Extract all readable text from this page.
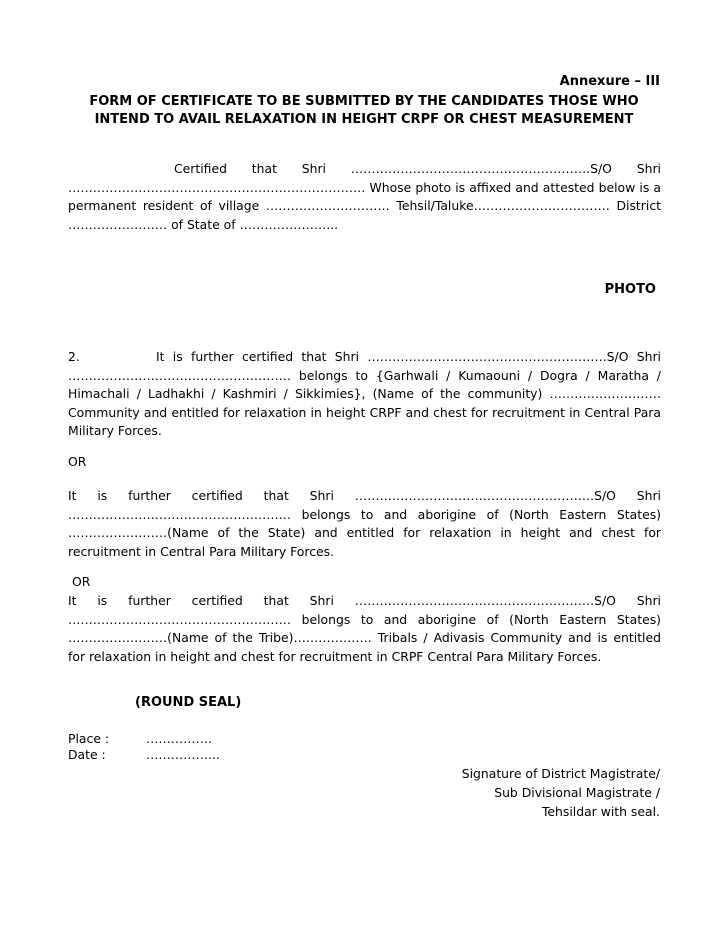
Annexure – III
FORM OF CERTIFICATE TO BE SUBMITTED BY THE CANDIDATES THOSE WHO INTEND TO AVAIL RELAXATION IN HEIGHT CRPF OR CHEST MEASUREMENT
Certified that Shri ………………………………………………….S/O Shri ……………………………………………………………… Whose photo is affixed and attested below is a permanent resident of village ………………………… Tehsil/Taluke…………………………… District …………………… of State of …………………...
PHOTO
2.	It is further certified that Shri ………………………………………………….S/O Shri ……………………………………………… belongs to {Garhwali / Kumaouni / Dogra / Maratha / Himachali / Ladhakhi / Kashmiri / Sikkimies}, (Name of the community) ……………………… Community and entitled for relaxation in height CRPF and chest for recruitment in Central Para Military Forces.
OR
It is further certified that Shri ………………………………………………….S/O Shri ……………………………………………… belongs to and aborigine of (North Eastern States) ……………………(Name of the State) and entitled for relaxation in height and chest for recruitment in Central Para Military Forces.
OR
It is further certified that Shri ………………………………………………….S/O Shri ……………………………………………… belongs to and aborigine of (North Eastern States) ……………………(Name of the Tribe)………………. Tribals / Adivasis Community and is entitled for relaxation in height and chest for recruitment in CRPF Central Para Military Forces.
(ROUND SEAL)
Place :	…………….
Date :	……………...
Signature of District Magistrate/
Sub Divisional Magistrate /
Tehsildar with seal.
